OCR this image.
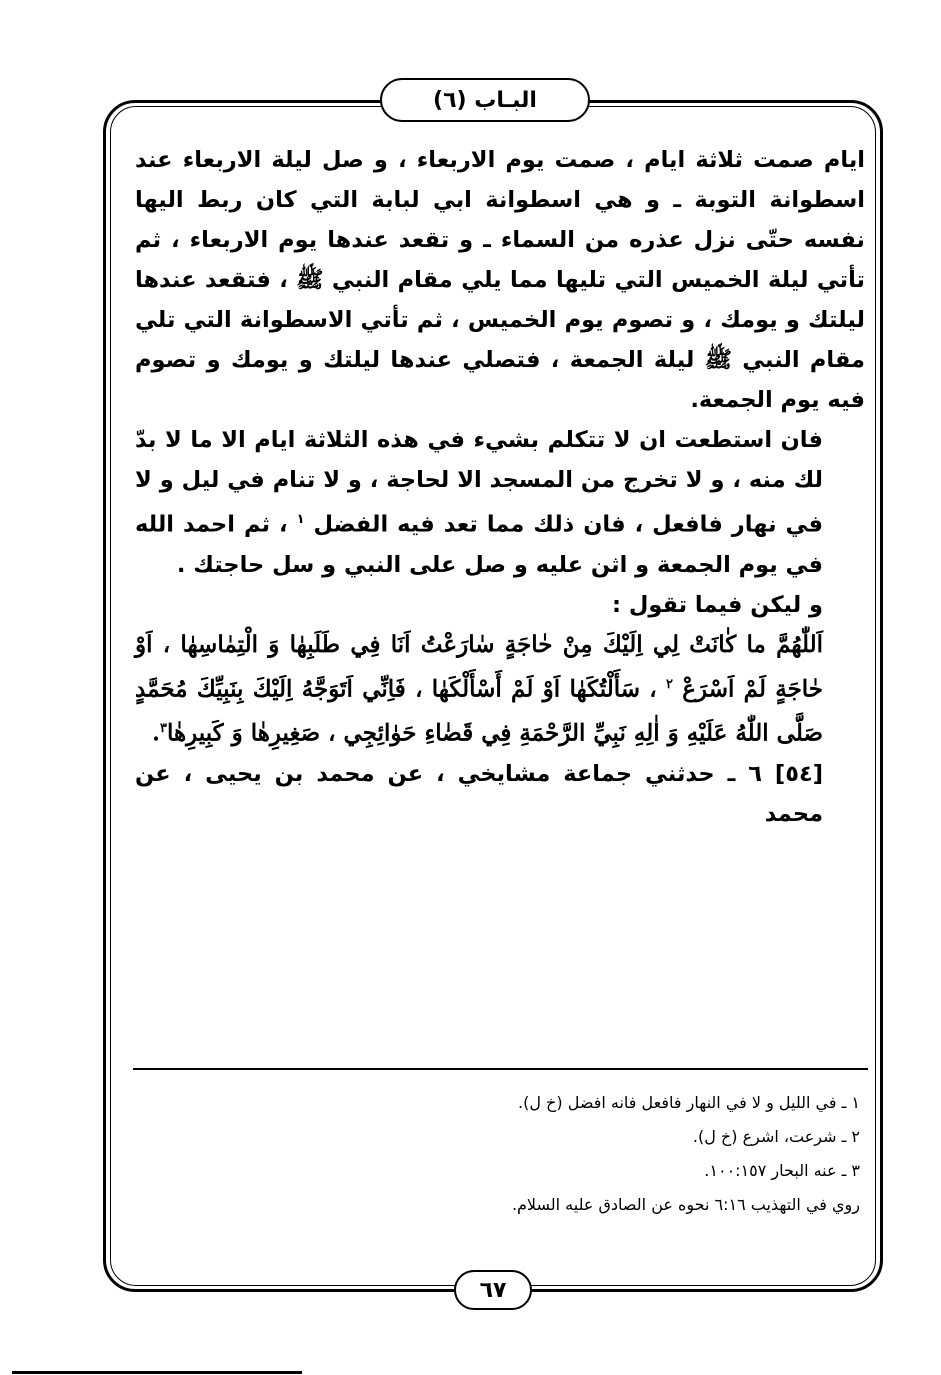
البـاب (٦)

ايام صمت ثلاثة ايام ، صمت يوم الاربعاء ، و صل ليلة الاربعاء عند اسطوانة التوبة ـ و هي اسطوانة ابي لبابة التي كان ربط اليها نفسه حتّى نزل عذره من السماء ـ و تقعد عندها يوم الاربعاء ، ثم تأتي ليلة الخميس التي تليها مما يلي مقام النبي ﷺ ، فتقعد عندها ليلتك و يومك ، و تصوم يوم الخميس ، ثم تأتي الاسطوانة التي تلي مقام النبي ﷺ ليلة الجمعة ، فتصلي عندها ليلتك و يومك و تصوم فيه يوم الجمعة.

فان استطعت ان لا تتكلم بشيء في هذه الثلاثة ايام الا ما لا بدّ لك منه ، و لا تخرج من المسجد الا لحاجة ، و لا تنام في ليل و لا في نهار فافعل ، فان ذلك مما تعد فيه الفضل $^١$ ، ثم احمد الله في يوم الجمعة و اثن عليه و صل على النبي و سل حاجتك .

و ليكن فيما تقول :

اَللّٰهُمَّ ما كٰانَتْ لِي اِلَيْكَ مِنْ حٰاجَةٍ سٰارَعْتُ اَنَا فِي طَلَبِهٰا وَ الْتِمٰاسِهٰا ، اَوْ حٰاجَةٍ لَمْ اَسْرَعْ $^٢$ ، سَأَلْتُكَهٰا اَوْ لَمْ أَسْأَلْكَهٰا ، فَاِنِّي اَتَوَجَّهُ اِلَيْكَ بِنَبِيِّكَ مُحَمَّدٍ صَلَّى اللّٰهُ عَلَيْهِ وَ اٰلِهِ نَبِيِّ الرَّحْمَةِ فِي قَضٰاءِ حَوٰائِجِي ، صَغِيرِهٰا وَ كَبِيرِهٰا$^٣$.

[٥٤] ٦ ـ حدثني جماعة مشايخي ، عن محمد بن يحيى ، عن محمد

١ ـ في الليل و لا في النهار فافعل فانه افضل (خ ل).

٢ ـ شرعت، اشرع (خ ل).

٣ ـ عنه البحار ١٠٠:١٥٧.

روي في التهذيب ٦:١٦ نحوه عن الصادق عليه السلام.

٦٧
